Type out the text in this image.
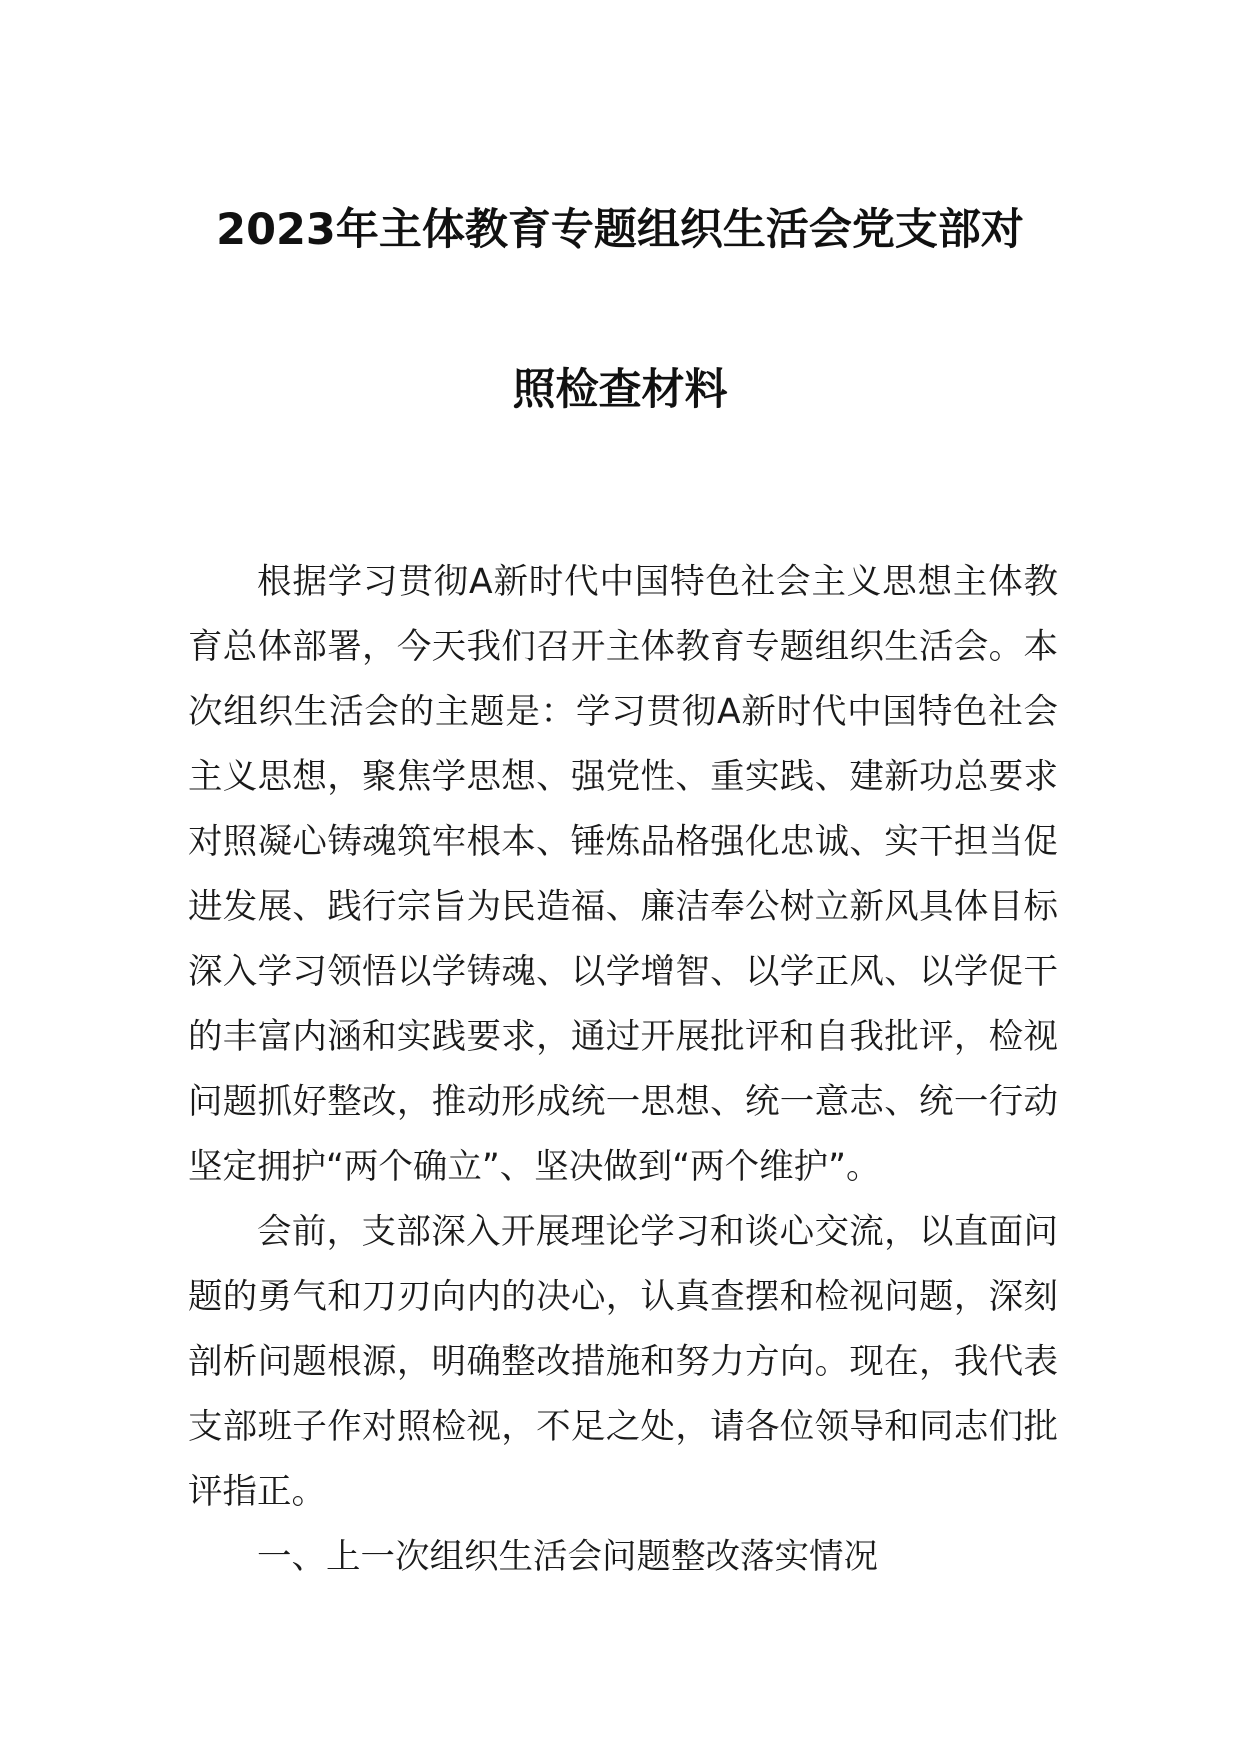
2023年主体教育专题组织生活会党支部对
照检查材料

根据学习贯彻A新时代中国特色社会主义思想主体教育总体部署，今天我们召开主体教育专题组织生活会。本次组织生活会的主题是：学习贯彻A新时代中国特色社会主义思想，聚焦学思想、强党性、重实践、建新功总要求对照凝心铸魂筑牢根本、锤炼品格强化忠诚、实干担当促进发展、践行宗旨为民造福、廉洁奉公树立新风具体目标深入学习领悟以学铸魂、以学增智、以学正风、以学促干的丰富内涵和实践要求，通过开展批评和自我批评，检视问题抓好整改，推动形成统一思想、统一意志、统一行动坚定拥护“两个确立”、坚决做到“两个维护”。

会前，支部深入开展理论学习和谈心交流，以直面问题的勇气和刀刃向内的决心，认真查摆和检视问题，深刻剖析问题根源，明确整改措施和努力方向。现在，我代表支部班子作对照检视，不足之处，请各位领导和同志们批评指正。

一、上一次组织生活会问题整改落实情况
